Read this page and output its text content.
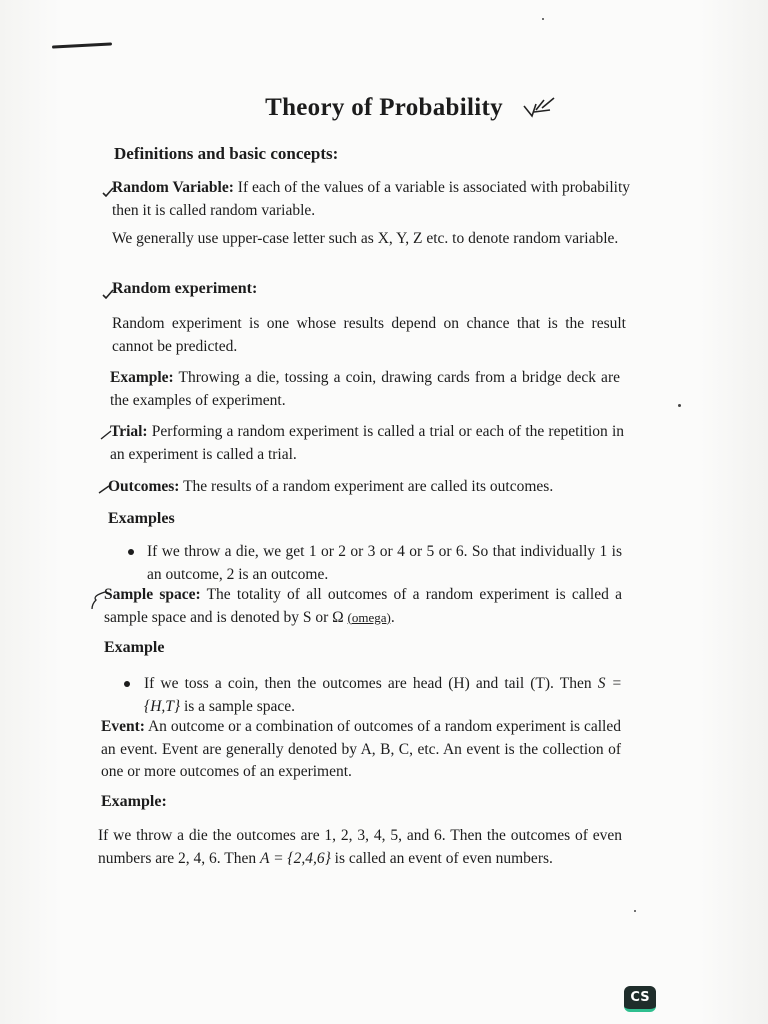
Theory of Probability
Definitions and basic concepts:
Random Variable: If each of the values of a variable is associated with probability then it is called random variable.
We generally use upper-case letter such as X, Y, Z etc. to denote random variable.
Random experiment:
Random experiment is one whose results depend on chance that is the result cannot be predicted.
Example: Throwing a die, tossing a coin, drawing cards from a bridge deck are the examples of experiment.
Trial: Performing a random experiment is called a trial or each of the repetition in an experiment is called a trial.
Outcomes: The results of a random experiment are called its outcomes.
Examples
If we throw a die, we get 1 or 2 or 3 or 4 or 5 or 6. So that individually 1 is an outcome, 2 is an outcome.
Sample space: The totality of all outcomes of a random experiment is called a sample space and is denoted by S or Ω (omega).
Example
If we toss a coin, then the outcomes are head (H) and tail (T). Then S = {H,T} is a sample space.
Event: An outcome or a combination of outcomes of a random experiment is called an event. Event are generally denoted by A, B, C, etc. An event is the collection of one or more outcomes of an experiment.
Example:
If we throw a die the outcomes are 1, 2, 3, 4, 5, and 6. Then the outcomes of even numbers are 2, 4, 6. Then A = {2,4,6} is called an event of even numbers.
CS
